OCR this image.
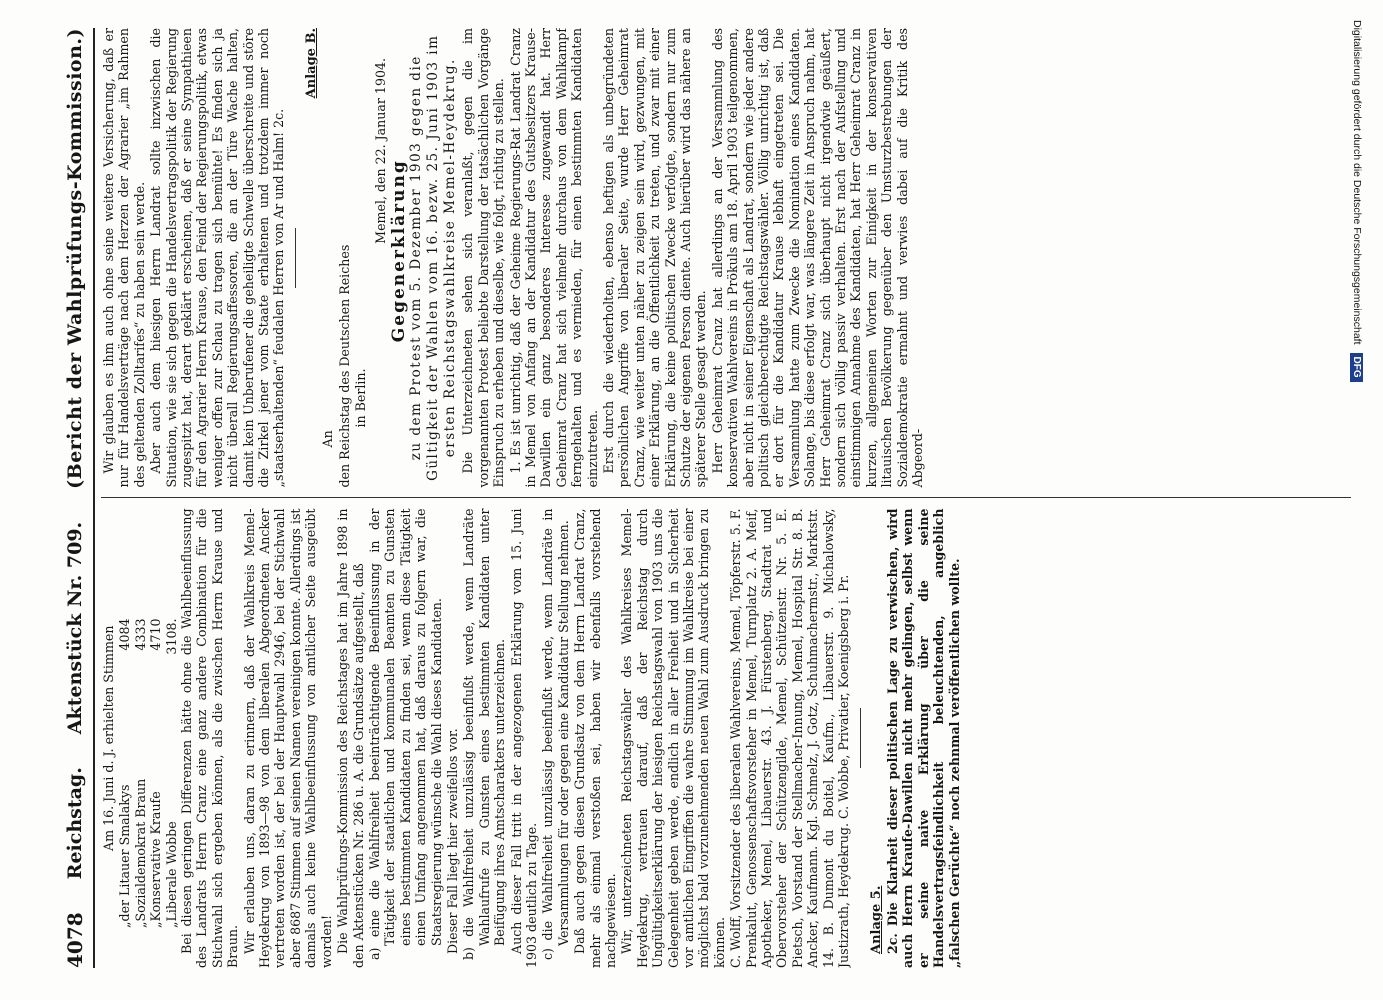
4078
Reichstag.
Aktenstück Nr. 709.
(Bericht der Wahlprüfungs-Kommission.)

Am 16. Juni d. J. erhielten Stimmen

„der Litauer Smalakys
4084
„Sozialdemokrat Braun
4333
„Konservative Kraufe
4710
„Liberale Wobbe
3108. Bei diesen geringen Differenzen hätte ohne die Wahlbeeinflussung des Landrats Herrn Cranz eine ganz andere Combination für die Stichwahl sich ergeben können, als die zwischen Herrn Krause und Braun. Wir erlauben uns, daran zu erinnern, daß der Wahlkreis Memel-Heydekrug von 1893—98 von dem liberalen Abgeordneten Ancker vertreten worden ist, der bei der Hauptwahl 2946, bei der Stichwahl aber 8687 Stimmen auf seinen Namen vereinigen konnte. Allerdings ist damals auch keine Wahlbeeinflussung von amtlicher Seite ausgeübt worden! Die Wahlprüfungs-Kommission des Reichstages hat im Jahre 1898 in den Aktenstücken Nr. 286 u. A. die Grundsätze aufgestellt, daß a) eine die Wahlfreiheit beeinträchtigende Beeinflussung in der Tätigkeit der staatlichen und kommunalen Beamten zu Gunsten eines bestimmten Kandidaten zu finden sei, wenn diese Tätigkeit einen Umfang angenommen hat, daß daraus zu folgern war, die Staatsregierung wünsche die Wahl dieses Kandidaten. Dieser Fall liegt hier zweifellos vor. b) die Wahlfreiheit unzulässig beeinflußt werde, wenn Landräte Wahlaufrufe zu Gunsten eines bestimmten Kandidaten unter Beifügung ihres Amtscharakters unterzeichnen. Auch dieser Fall tritt in der angezogenen Erklärung vom 15. Juni 1903 deutlich zu Tage. c) die Wahlfreiheit unzulässig beeinflußt werde, wenn Landräte in Versammlungen für oder gegen eine Kandidatur Stellung nehmen. Daß auch gegen diesen Grundsatz von dem Herrn Landrat Cranz, mehr als einmal verstoßen sei, haben wir ebenfalls vorstehend nachgewiesen. Wir, unterzeichneten Reichstagswähler des Wahlkreises Memel-Heydekrug, vertrauen darauf, daß der Reichstag durch Ungültigkeitserklärung der hiesigen Reichstagswahl von 1903 uns die Gelegenheit geben werde, endlich in aller Freiheit und in Sicherheit vor amtlichen Eingriffen die wahre Stimmung im Wahlkreise bei einer möglichst bald vorzunehmenden neuen Wahl zum Ausdruck bringen zu können. C. Wolff, Vorsitzender des liberalen Wahlvereins, Memel, Töpferstr. 5. F. Prenkalut, Genossenschaftsvorsteher in Memel, Turnplatz 2. A. Meif, Apotheker, Memel, Libauerstr. 43. J. Fürstenberg, Stadtrat und Obervorsteher der Schützengilde, Memel, Schützenstr. Nr. 5. E. Pietsch, Vorstand der Stellmacher-Innung, Memel, Hospital Str. 8. B. Ancker, Kaufmann. Kgl. Schmelz, J. Gotz, Schuhmachermstr., Marktstr. 14. B. Dumont du Boitel, Kaufm., Libauerstr. 9. Michalowsky, Justizrath, Heydekrug. C. Wobbe, Privatier, Koenigsberg i. Pr. Anlage 5. 2c. Die Klarheit dieser politischen Lage zu verwischen, wird auch Herrn Kraufe-Dawillen nicht mehr gelingen, selbst wenn er seine naive Erklärung über die seine Handelsvertragsfeindlichkeit beleuchtenden, angeblich „falschen Gerüchte“ noch zehnmal veröffentlichen wollte.

Wir glauben es ihm auch ohne seine weitere Versicherung, daß er nur für Handelsverträge nach dem Herzen der Agrarier „im Rahmen des geltenden Zolltarifes“ zu haben sein werde. Aber auch dem hiesigen Herrn Landrat sollte inzwischen die Situation, wie sie sich gegen die Handelsvertragspolitik der Regierung zugespitzt hat, derart geklärt erscheinen, daß er seine Sympathieen für den Agrarier Herrn Krause, den Feind der Regierungspolitik, etwas weniger offen zur Schau zu tragen sich bemühte! Es finden sich ja nicht überall Regierungsaffessoren, die an der Türe Wache halten, damit kein Unberufener die geheiligte Schwelle überschreite und störe die Zirkel jener vom Staate erhaltenen und trotzdem immer noch „staatserhaltenden“ feudalen Herren von Ar und Halm! 2c.

Anlage B.

An den Reichstag des Deutschen Reiches in Berlin.

Memel, den 22. Januar 1904.

Gegenerklärung zu dem Protest vom 5. Dezember 1903 gegen die Gültigkeit der Wahlen vom 16. bezw. 25. Juni 1903 im ersten Reichstagswahlkreise Memel-Heydekrug. Die Unterzeichneten sehen sich veranlaßt, gegen die im vorgenannten Protest beliebte Darstellung der tatsächlichen Vorgänge Einspruch zu erheben und dieselbe, wie folgt, richtig zu stellen. 1. Es ist unrichtig, daß der Geheime Regierungs-Rat Landrat Cranz in Memel von Anfang an der Kandidatur des Gutsbesitzers Krause-Dawillen ein ganz besonderes Interesse zugewandt hat. Herr Geheimrat Cranz hat sich vielmehr durchaus von dem Wahlkampf ferngehalten und es vermieden, für einen bestimmten Kandidaten einzutreten. Erst durch die wiederholten, ebenso heftigen als unbegründeten persönlichen Angriffe von liberaler Seite, wurde Herr Geheimrat Cranz, wie weiter unten näher zu zeigen sein wird, gezwungen, mit einer Erklärung, an die Öffentlichkeit zu treten, und zwar mit einer Erklärung, die keine politischen Zwecke verfolgte, sondern nur zum Schutze der eigenen Person diente. Auch hierüber wird das nähere an späterer Stelle gesagt werden. Herr Geheimrat Cranz hat allerdings an der Versammlung des konservativen Wahlvereins in Prökuls am 18. April 1903 teilgenommen, aber nicht in seiner Eigenschaft als Landrat, sondern wie jeder andere politisch gleichberechtigte Reichstagswähler. Völlig unrichtig ist, daß er dort für die Kandidatur Krause lebhaft eingetreten sei. Die Versammlung hatte zum Zwecke die Nomination eines Kandidaten. Solange, bis diese erfolgt war, was längere Zeit in Anspruch nahm, hat Herr Geheimrat Cranz sich überhaupt nicht irgendwie geäußert, sondern sich völlig passiv verhalten. Erst nach der Aufstellung und einstimmigen Annahme des Kandidaten, hat Herr Geheimrat Cranz in kurzen, allgemeinen Worten zur Einigkeit in der konservativen litauischen Bevölkerung gegenüber den Umsturzbestrebungen der Sozialdemokratie ermahnt und verwies dabei auf die Kritik des Abgeord-

Digitalisierung gefördert durch die Deutsche Forschungsgemeinschaft
DFG
